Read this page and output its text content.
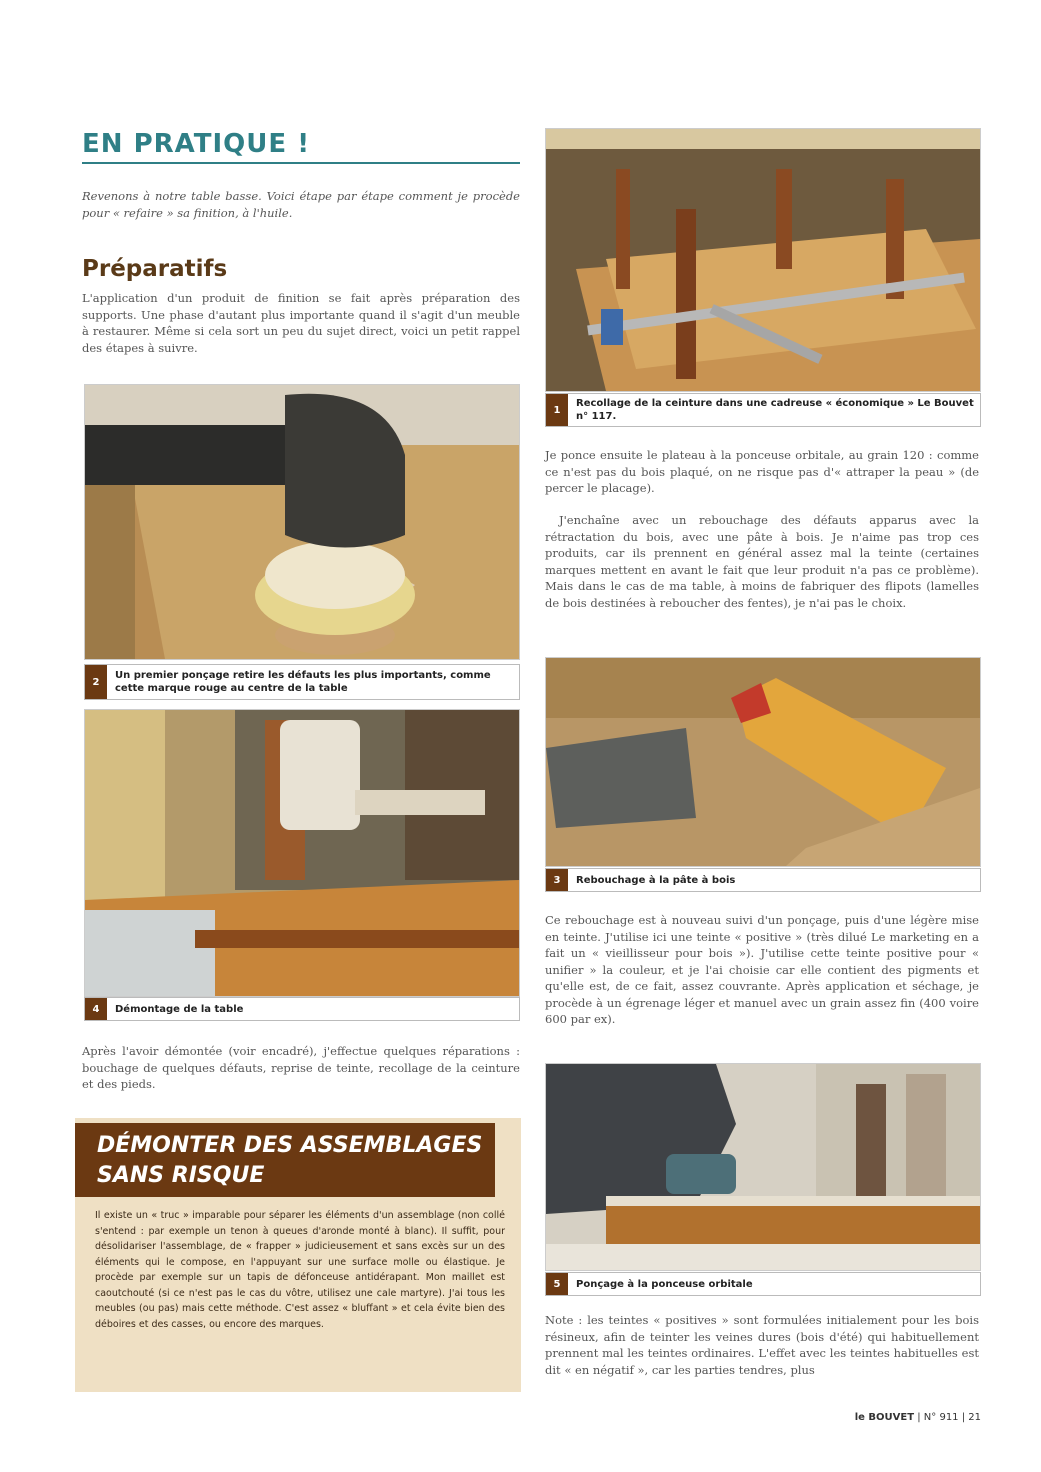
EN PRATIQUE !
Revenons à notre table basse. Voici étape par étape comment je procède pour « refaire » sa finition, à l'huile.
Préparatifs
L'application d'un produit de finition se fait après préparation des supports. Une phase d'autant plus importante quand il s'agit d'un meuble à restaurer. Même si cela sort un peu du sujet direct, voici un petit rappel des étapes à suivre.
2
Un premier ponçage retire les défauts les plus importants, comme cette marque rouge au centre de la table
4	Démontage de la table
Après l'avoir démontée (voir encadré), j'effectue quelques réparations : bouchage de quelques défauts, reprise de teinte, recollage de la ceinture et des pieds.
DÉMONTER DES ASSEMBLAGES
SANS RISQUE
Il existe un « truc » imparable pour séparer les éléments d'un assemblage (non collé s'entend : par exemple un tenon à queues d'aronde monté à blanc). Il suffit, pour désolidariser l'assemblage, de « frapper » judicieusement et sans excès sur un des éléments qui le compose, en l'appuyant sur une surface molle ou élastique. Je procède par exemple sur un tapis de défonceuse antidérapant. Mon maillet est caoutchouté (si ce n'est pas le cas du vôtre, utilisez une cale martyre). J'ai tous les meubles (ou pas) mais cette méthode. C'est assez « bluffant » et cela évite bien des déboires et des casses, ou encore des marques.
1
Recollage de la ceinture dans une cadreuse « économique » Le Bouvet n° 117.
Je ponce ensuite le plateau à la ponceuse orbitale, au grain 120 : comme ce n'est pas du bois plaqué, on ne risque pas d'« attraper la peau » (de percer le placage).
J'enchaîne avec un rebouchage des défauts apparus avec la rétractation du bois, avec une pâte à bois. Je n'aime pas trop ces produits, car ils prennent en général assez mal la teinte (certaines marques mettent en avant le fait que leur produit n'a pas ce problème). Mais dans le cas de ma table, à moins de fabriquer des flipots (lamelles de bois destinées à reboucher des fentes), je n'ai pas le choix.
3	Rebouchage à la pâte à bois
Ce rebouchage est à nouveau suivi d'un ponçage, puis d'une légère mise en teinte. J'utilise ici une teinte « positive » (très dilué Le marketing en a fait un « vieillisseur pour bois »). J'utilise cette teinte positive pour « unifier » la couleur, et je l'ai choisie car elle contient des pigments et qu'elle est, de ce fait, assez couvrante. Après application et séchage, je procède à un égrenage léger et manuel avec un grain assez fin (400 voire 600 par ex).
5	Ponçage à la ponceuse orbitale
Note : les teintes « positives » sont formulées initialement pour les bois résineux, afin de teinter les veines dures (bois d'été) qui habituellement prennent mal les teintes ordinaires. L'effet avec les teintes habituelles est dit « en négatif », car les parties tendres, plus
le BOUVET | N° 911 | 21
